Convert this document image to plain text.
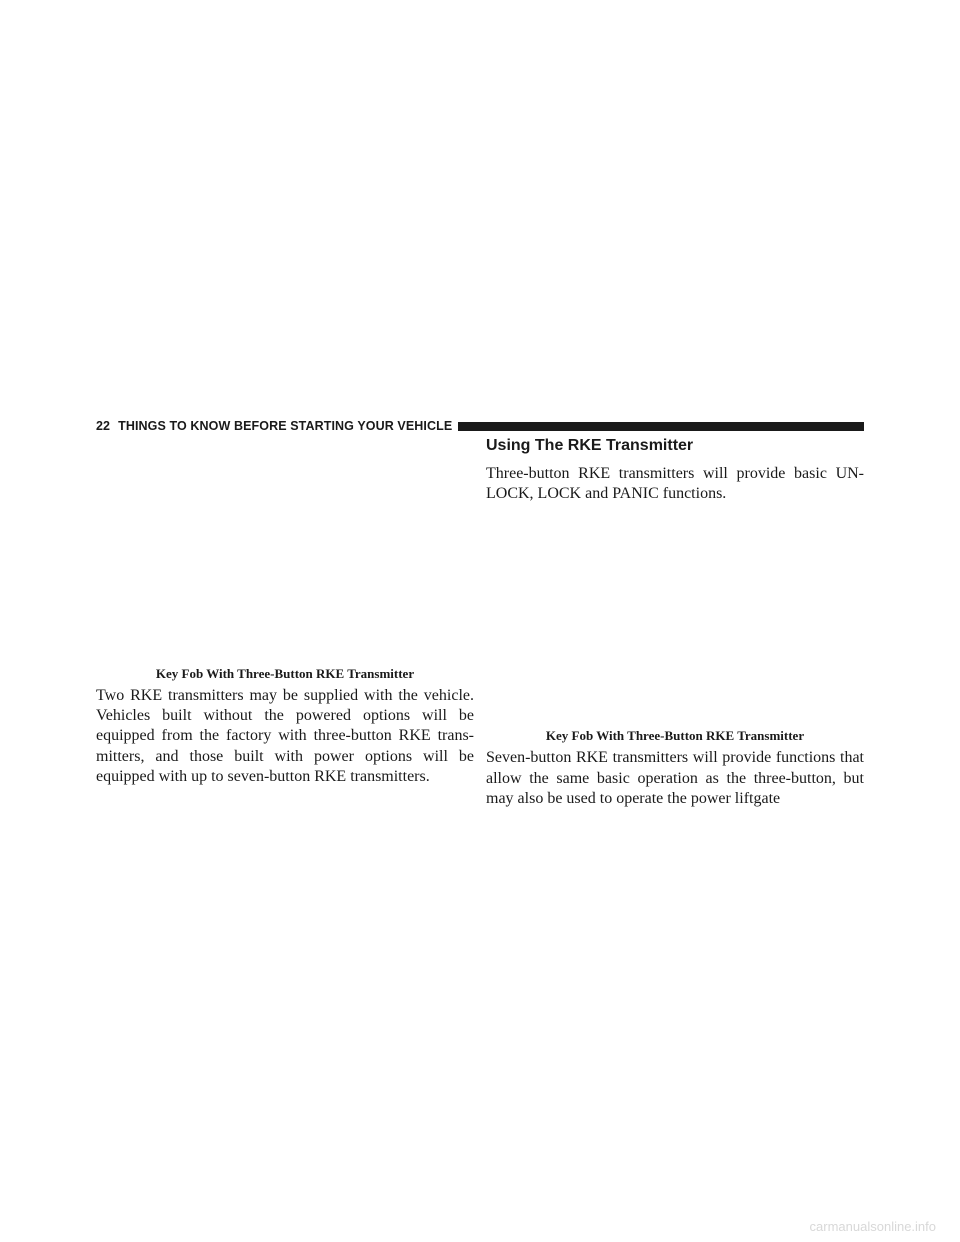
22 THINGS TO KNOW BEFORE STARTING YOUR VEHICLE
Key Fob With Three-Button RKE Transmitter

Two RKE transmitters may be supplied with the vehicle. Vehicles built without the powered options will be equipped from the factory with three-button RKE trans-mitters, and those built with power options will be equipped with up to seven-button RKE transmitters.

Using The RKE Transmitter

Three-button RKE transmitters will provide basic UN-LOCK, LOCK and PANIC functions.

Key Fob With Three-Button RKE Transmitter

Seven-button RKE transmitters will provide functions that allow the same basic operation as the three-button, but may also be used to operate the power liftgate

carmanualsonline.info
